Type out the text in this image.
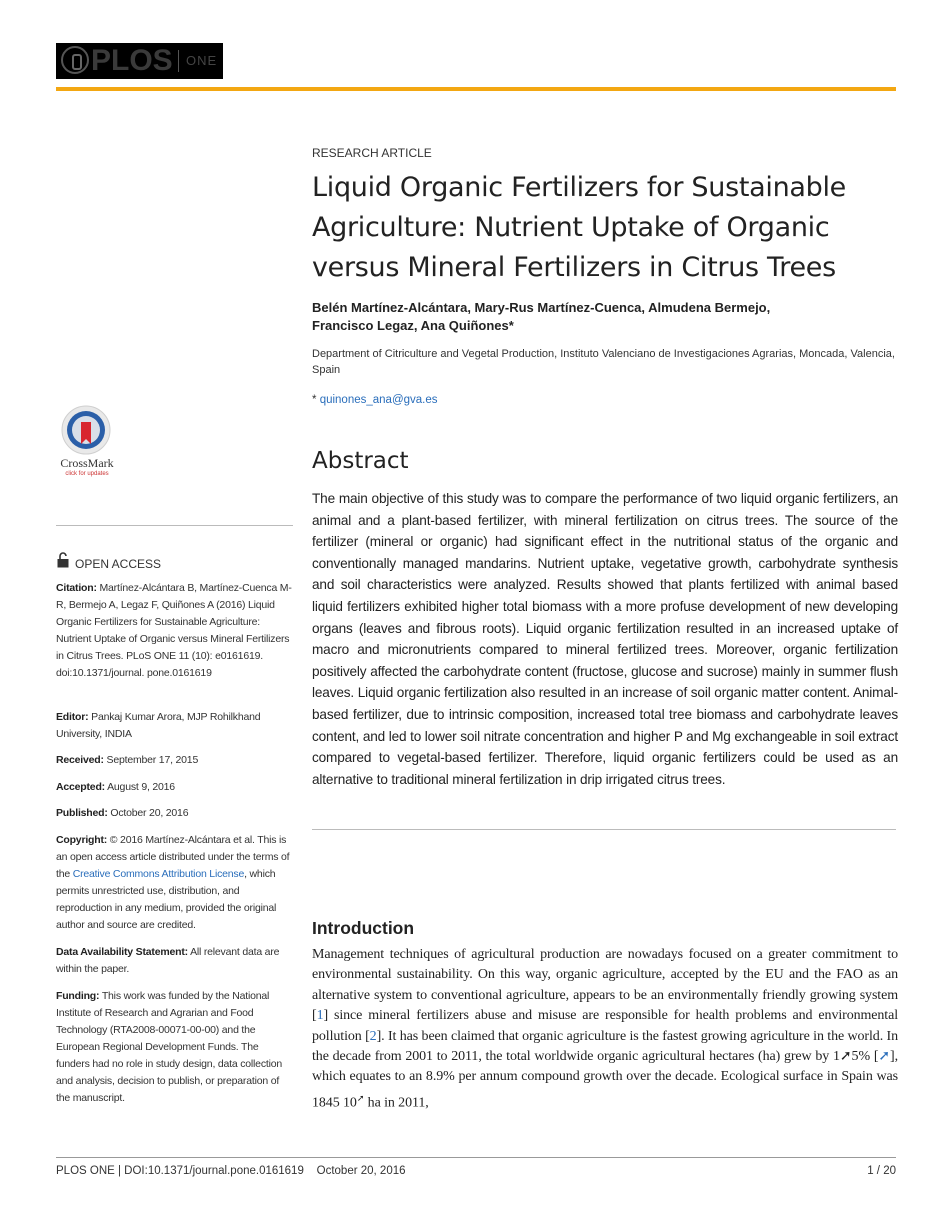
PLOS ONE
RESEARCH ARTICLE
Liquid Organic Fertilizers for Sustainable Agriculture: Nutrient Uptake of Organic versus Mineral Fertilizers in Citrus Trees
Belén Martínez-Alcántara, Mary-Rus Martínez-Cuenca, Almudena Bermejo,
Francisco Legaz, Ana Quiñones*
Department of Citriculture and Vegetal Production, Instituto Valenciano de Investigaciones Agrarias, Moncada, Valencia, Spain
* quinones_ana@gva.es
CrossMark
click for updates
OPEN ACCESS
Citation: Martínez-Alcántara B, Martínez-Cuenca M-R, Bermejo A, Legaz F, Quiñones A (2016) Liquid Organic Fertilizers for Sustainable Agriculture: Nutrient Uptake of Organic versus Mineral Fertilizers in Citrus Trees. PLoS ONE 11 (10): e0161619. doi:10.1371/journal. pone.0161619
Editor: Pankaj Kumar Arora, MJP Rohilkhand University, INDIA
Received: September 17, 2015
Accepted: August 9, 2016
Published: October 20, 2016
Copyright: © 2016 Martínez-Alcántara et al. This is an open access article distributed under the terms of the Creative Commons Attribution License, which permits unrestricted use, distribution, and reproduction in any medium, provided the original author and source are credited.
Data Availability Statement: All relevant data are within the paper.
Funding: This work was funded by the National Institute of Research and Agrarian and Food Technology (RTA2008-00071-00-00) and the European Regional Development Funds. The funders had no role in study design, data collection and analysis, decision to publish, or preparation of the manuscript.
Abstract
The main objective of this study was to compare the performance of two liquid organic fertilizers, an animal and a plant-based fertilizer, with mineral fertilization on citrus trees. The source of the fertilizer (mineral or organic) had significant effect in the nutritional status of the organic and conventionally managed mandarins. Nutrient uptake, vegetative growth, carbohydrate synthesis and soil characteristics were analyzed. Results showed that plants fertilized with animal based liquid fertilizers exhibited higher total biomass with a more profuse development of new developing organs (leaves and fibrous roots). Liquid organic fertilization resulted in an increased uptake of macro and micronutrients compared to mineral fertilized trees. Moreover, organic fertilization positively affected the carbohydrate content (fructose, glucose and sucrose) mainly in summer flush leaves. Liquid organic fertilization also resulted in an increase of soil organic matter content. Animal-based fertilizer, due to intrinsic composition, increased total tree biomass and carbohydrate leaves content, and led to lower soil nitrate concentration and higher P and Mg exchangeable in soil extract compared to vegetal-based fertilizer. Therefore, liquid organic fertilizers could be used as an alternative to traditional mineral fertilization in drip irrigated citrus trees.
Introduction
Management techniques of agricultural production are nowadays focused on a greater commitment to environmental sustainability. On this way, organic agriculture, accepted by the EU and the FAO as an alternative system to conventional agriculture, appears to be an environmentally friendly growing system [1] since mineral fertilizers abuse and misuse are responsible for health problems and environmental pollution [2]. It has been claimed that organic agriculture is the fastest growing agriculture in the world. In the decade from 2001 to 2011, the total worldwide organic agricultural hectares (ha) grew by 1➚5% [➚], which equates to an 8.9% per annum compound growth over the decade. Ecological surface in Spain was 1845 10➚ ha in 2011,
PLOS ONE | DOI:10.1371/journal.pone.0161619 October 20, 2016	1 / 20
